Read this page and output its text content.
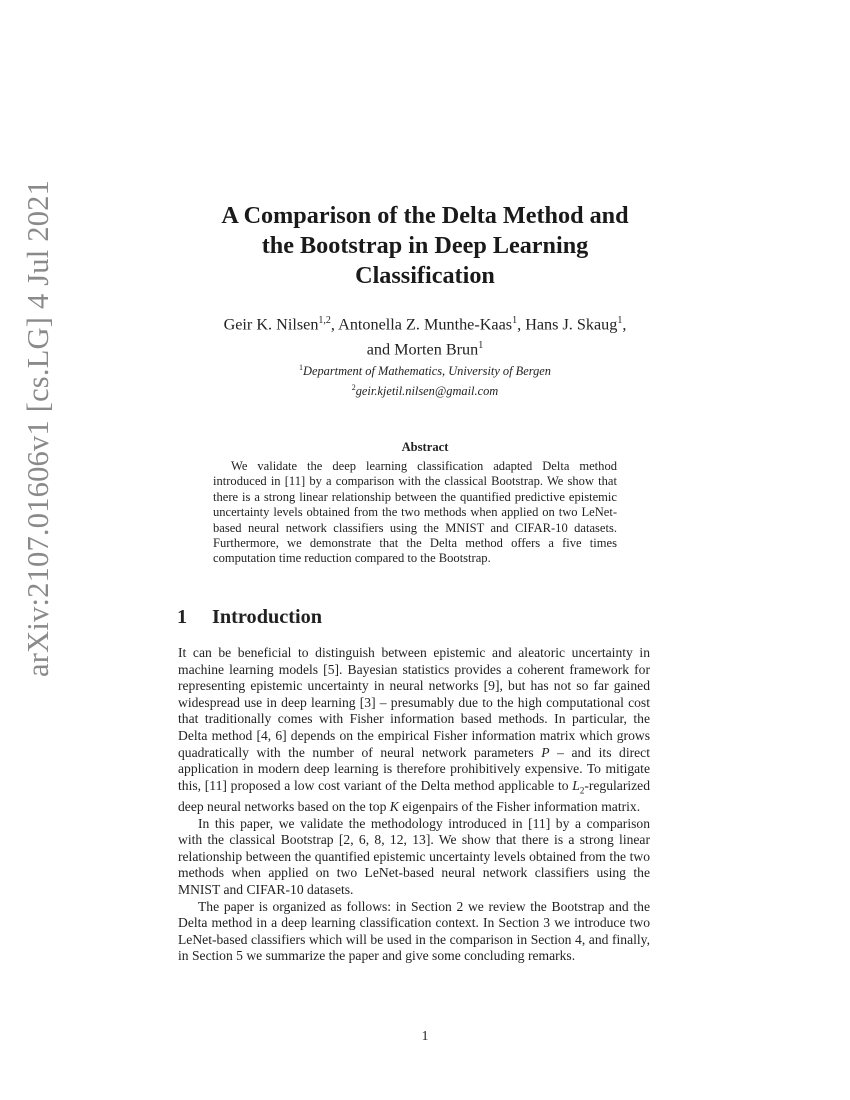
arXiv:2107.01606v1 [cs.LG] 4 Jul 2021	A Comparison of the Delta Method and
the Bootstrap in Deep Learning
Classification
Geir K. Nilsen$^{1,2}$, Antonella Z. Munthe-Kaas$^1$, Hans J. Skaug$^1$,
and Morten Brun$^1$
$^1$Department of Mathematics, University of Bergen
$^2$geir.kjetil.nilsen@gmail.com
Abstract
We validate the deep learning classification adapted Delta method introduced in [11] by a comparison with the classical Bootstrap. We show that there is a strong linear relationship between the quantified predictive epistemic uncertainty levels obtained from the two methods when applied on two LeNet-based neural network classifiers using the MNIST and CIFAR-10 datasets. Furthermore, we demonstrate that the Delta method offers a five times computation time reduction compared to the Bootstrap.
1 Introduction

It can be beneficial to distinguish between epistemic and aleatoric uncertainty in machine learning models [5]. Bayesian statistics provides a coherent framework for representing epistemic uncertainty in neural networks [9], but has not so far gained widespread use in deep learning [3] – presumably due to the high computational cost that traditionally comes with Fisher information based methods. In particular, the Delta method [4, 6] depends on the empirical Fisher information matrix which grows quadratically with the number of neural network parameters P – and its direct application in modern deep learning is therefore prohibitively expensive. To mitigate this, [11] proposed a low cost variant of the Delta method applicable to $L_2$-regularized deep neural networks based on the top K eigenpairs of the Fisher information matrix.

In this paper, we validate the methodology introduced in [11] by a comparison with the classical Bootstrap [2, 6, 8, 12, 13]. We show that there is a strong linear relationship between the quantified epistemic uncertainty levels obtained from the two methods when applied on two LeNet-based neural network classifiers using the MNIST and CIFAR-10 datasets.

The paper is organized as follows: in Section 2 we review the Bootstrap and the Delta method in a deep learning classification context. In Section 3 we introduce two LeNet-based classifiers which will be used in the comparison in Section 4, and finally, in Section 5 we summarize the paper and give some concluding remarks.

1
